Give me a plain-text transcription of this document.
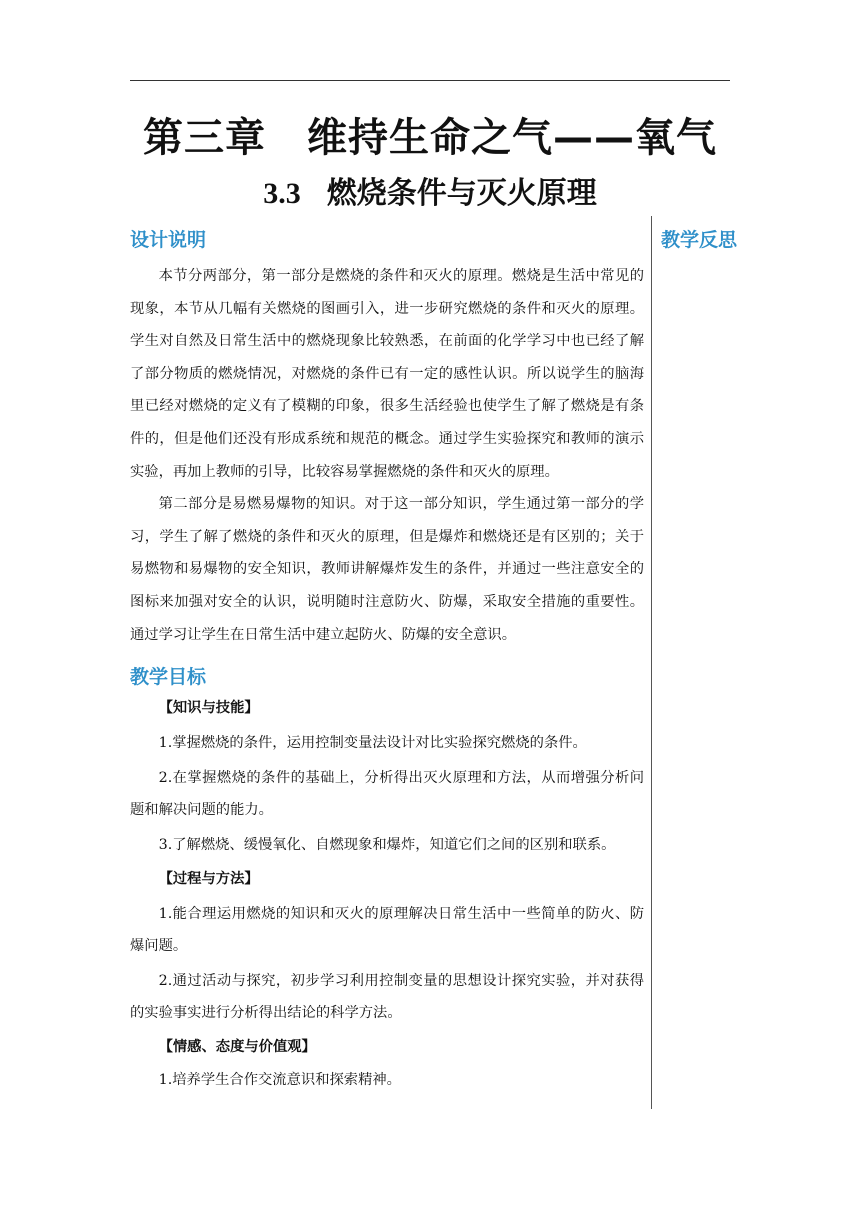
第三章　维持生命之气——氧气
3.3 燃烧条件与灭火原理
教学反思
设计说明

本节分两部分，第一部分是燃烧的条件和灭火的原理。燃烧是生活中常见的现象，本节从几幅有关燃烧的图画引入，进一步研究燃烧的条件和灭火的原理。学生对自然及日常生活中的燃烧现象比较熟悉，在前面的化学学习中也已经了解了部分物质的燃烧情况，对燃烧的条件已有一定的感性认识。所以说学生的脑海里已经对燃烧的定义有了模糊的印象，很多生活经验也使学生了解了燃烧是有条件的，但是他们还没有形成系统和规范的概念。通过学生实验探究和教师的演示实验，再加上教师的引导，比较容易掌握燃烧的条件和灭火的原理。

第二部分是易燃易爆物的知识。对于这一部分知识，学生通过第一部分的学习，学生了解了燃烧的条件和灭火的原理，但是爆炸和燃烧还是有区别的；关于易燃物和易爆物的安全知识，教师讲解爆炸发生的条件，并通过一些注意安全的图标来加强对安全的认识，说明随时注意防火、防爆，采取安全措施的重要性。通过学习让学生在日常生活中建立起防火、防爆的安全意识。

教学目标

【知识与技能】

1.掌握燃烧的条件，运用控制变量法设计对比实验探究燃烧的条件。

2.在掌握燃烧的条件的基础上，分析得出灭火原理和方法，从而增强分析问题和解决问题的能力。

3.了解燃烧、缓慢氧化、自燃现象和爆炸，知道它们之间的区别和联系。

【过程与方法】

1.能合理运用燃烧的知识和灭火的原理解决日常生活中一些简单的防火、防爆问题。

2.通过活动与探究，初步学习利用控制变量的思想设计探究实验，并对获得的实验事实进行分析得出结论的科学方法。

【情感、态度与价值观】

1.培养学生合作交流意识和探索精神。
